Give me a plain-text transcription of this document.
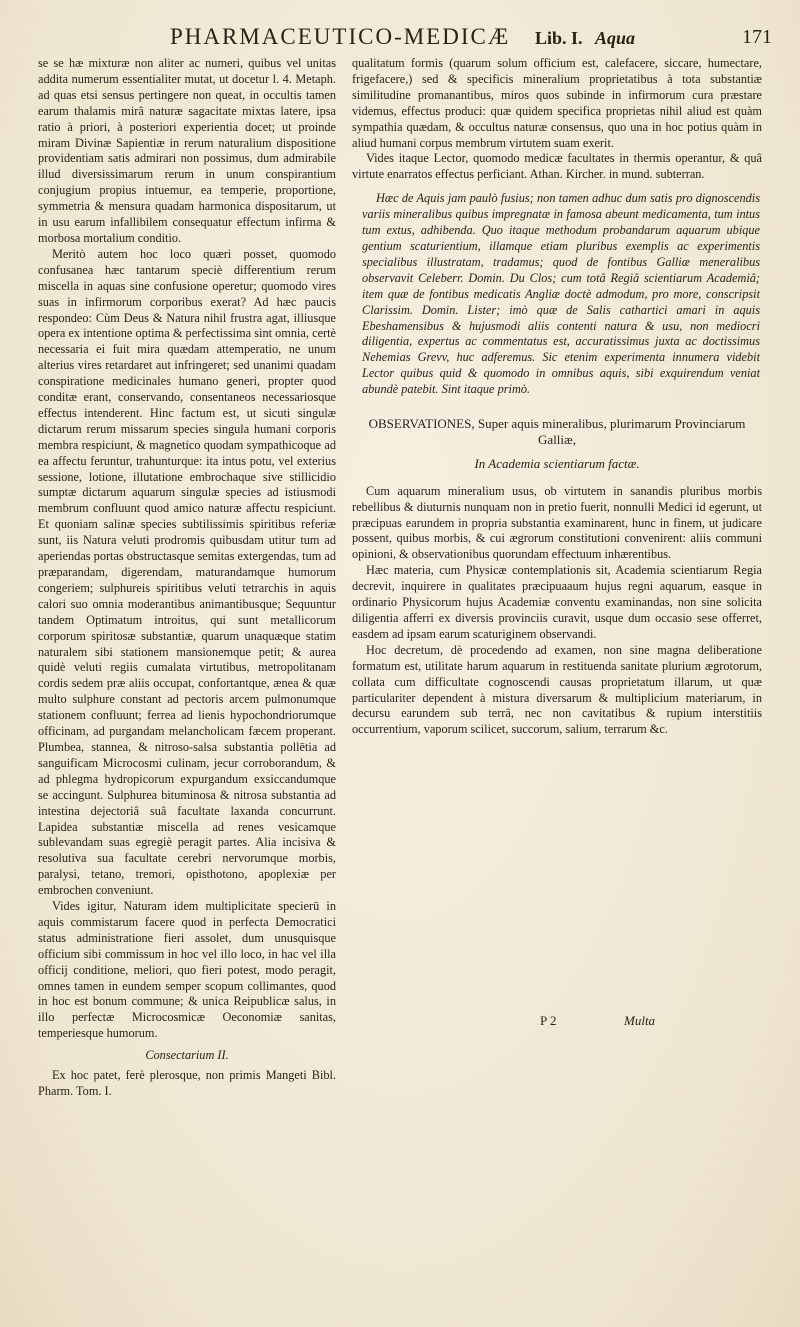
PHARMACEUTICO-MEDICÆ Lib. I. Aqua	171

se se hæ mixturæ non aliter ac numeri, quibus vel unitas addita numerum essentialiter mutat, ut docetur l. 4. Metaph. ad quas etsi sensus pertingere non queat, in occultis tamen earum thalamis mirâ naturæ sagacitate mixtas latere, ipsa ratio à priori, à posteriori experientia docet; ut proinde miram Divinæ Sapientiæ in rerum naturalium dispositione providentiam satis admirari non possimus, dum admirabile illud diversissimarum rerum in unum conspirantium conjugium propius intuemur, ea temperie, proportione, symmetria & mensura quadam harmonica dispositarum, ut in usu earum infallibilem consequatur effectum infirma & morbosa mortalium conditio.

Meritò autem hoc loco quæri posset, quomodo confusanea hæc tantarum speciè differentium rerum miscella in aquas sine confusione operetur; quomodo vires suas in infirmorum corporibus exerat? Ad hæc paucis respondeo: Cùm Deus & Natura nihil frustra agat, illiusque opera ex intentione optima & perfectissima sint omnia, certè necessaria ei fuit mira quædam attemperatio, ne unum alterius vires retardaret aut infringeret; sed unanimi quadam conspiratione medicinales humano generi, propter quod conditæ erant, conservando, consentaneos necessariosque effectus intenderent. Hinc factum est, ut sicuti singulæ dictarum rerum missarum species singula humani corporis membra respiciunt, & magnetico quodam sympathicoque ad ea affectu feruntur, trahunturque: ita intus potu, vel exterius sessione, lotione, illutatione embrochaque sive stillicidio sumptæ dictarum aquarum singulæ species ad istiusmodi membrum confluunt quod amico naturæ affectu respiciunt. Et quoniam salinæ species subtilissimis spiritibus referiæ sunt, iis Natura veluti prodromis quibusdam utitur tum ad aperiendas portas obstructasque semitas extergendas, tum ad præparandam, digerendam, maturandamque humorum congeriem; sulphureis spiritibus veluti tetrarchis in aquis calori suo omnia moderantibus animantibusque; Sequuntur tandem Optimatum introitus, qui sunt metallicorum corporum spiritosæ substantiæ, quarum unaquæque statim naturalem sibi stationem mansionemque petit; & aurea quidè veluti regiis cumalata virtutibus, metropolitanam cordis sedem præ aliis occupat, confortantque, ænea & quæ multo sulphure constant ad pectoris arcem pulmonumque stationem confluunt; ferrea ad lienis hypochondriorumque officinam, ad purgandam melancholicam fæcem properant. Plumbea, stannea, & nitroso-salsa substantia pollētia ad sanguificam Microcosmi culinam, jecur corroborandum, & ad phlegma hydropicorum expurgandum exsiccandumque se accingunt. Sulphurea bituminosa & nitrosa substantia ad intestina dejectoriâ suâ facultate laxanda concurrunt. Lapidea substantiæ miscella ad renes vesicamque sublevandam suas egregiè peragit partes. Alia incisiva & resolutiva sua facultate cerebri nervorumque morbis, paralysi, tetano, tremori, opisthotono, apoplexiæ per embrochen conveniunt.

Vides igitur, Naturam idem multiplicitate specierū in aquis commistarum facere quod in perfecta Democratici status administratione fieri assolet, dum unusquisque officium sibi commissum in hoc vel illo loco, in hac vel illa officij conditione, meliori, quo fieri potest, modo peragit, omnes tamen in eundem semper scopum collimantes, quod in hoc est bonum commune; & unica Reipublicæ salus, in illo perfectæ Microcosmicæ Oeconomiæ sanitas, temperiesque humorum.

Consectarium II.

Ex hoc patet, ferè plerosque, non primis Mangeti Bibl. Pharm. Tom. I.

qualitatum formis (quarum solum officium est, calefacere, siccare, humectare, frigefacere,) sed & specificis mineralium proprietatibus à tota substantiæ similitudine promanantibus, miros quos subinde in infirmorum cura præstare videmus, effectus produci: quæ quidem specifica proprietas nihil aliud est quàm sympathia quædam, & occultus naturæ consensus, quo una in hoc potius quàm in aliud humani corpus membrum virtutem suam exerit.

Vides itaque Lector, quomodo medicæ facultates in thermis operantur, & quâ virtute enarratos effectus perficiant. Athan. Kircher. in mund. subterran.

Hæc de Aquis jam paulò fusius; non tamen adhuc dum satis pro dignoscendis variis mineralibus quibus impregnatæ in famosa abeunt medicamenta, tum intus tum extus, adhibenda. Quo itaque methodum probandarum aquarum ubique gentium scaturientium, illamque etiam pluribus exemplis ac experimentis specialibus illustratam, tradamus; quod de fontibus Galliæ meneralibus observavit Celeberr. Domin. Du Clos; cum totâ Regiâ scientiarum Academiâ; item quæ de fontibus medicatis Angliæ doctè admodum, pro more, conscripsit Clarissim. Domin. Lister; imò quæ de Salis cathartici amari in aquis Ebeshamensibus & hujusmodi aliis contenti natura & usu, non mediocri diligentia, expertus ac commentatus est, accuratissimus juxta ac doctissimus Nehemias Grevv, huc adferemus. Sic etenim experimenta innumera videbit Lector quibus quid & quomodo in omnibus aquis, sibi exquirendum veniat abundè patebit. Sint itaque primò.

OBSERVATIONES, Super aquis mineralibus, plurimarum Provinciarum Galliæ,

In Academia scientiarum factæ.

Cum aquarum mineralium usus, ob virtutem in sanandis pluribus morbis rebellibus & diuturnis nunquam non in pretio fuerit, nonnulli Medici id egerunt, ut præcipuas earundem in propria substantia examinarent, hunc in finem, ut judicare possent, quibus morbis, & cui ægrorum constitutioni convenirent: aliis communi opinioni, & observationibus quorundam effectuum inhærentibus.

Hæc materia, cum Physicæ contemplationis sit, Academia scientiarum Regia decrevit, inquirere in qualitates præcipuaaum hujus regni aquarum, easque in ordinario Physicorum hujus Academiæ conventu examinandas, non sine solicita diligentia afferri ex diversis provinciis curavit, usque dum occasio sese offerret, easdem ad ipsam earum scaturiginem observandi.

Hoc decretum, dè procedendo ad examen, non sine magna deliberatione formatum est, utilitate harum aquarum in restituenda sanitate plurium ægrotorum, collata cum difficultate cognoscendi causas proprietatum illarum, ut quæ particulariter dependent à mistura diversarum & multiplicium materiarum, in decursu earundem sub terrâ, nec non cavitatibus & rupium interstitiis occurrentium, vaporum scilicet, succorum, salium, terrarum &c.

P 2	Multa
